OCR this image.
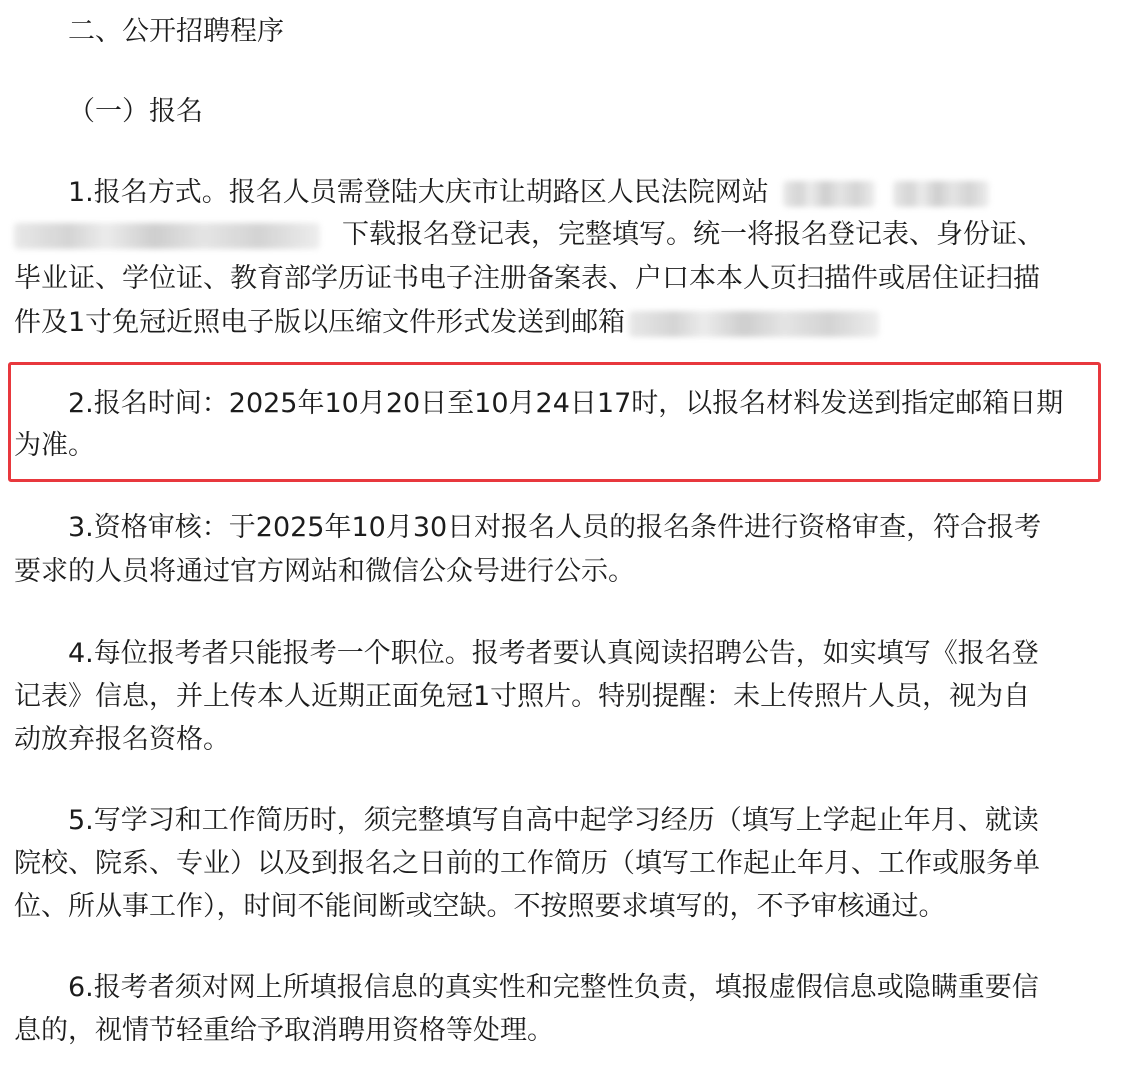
二、公开招聘程序
（一）报名
1.报名方式。报名人员需登陆大庆市让胡路区人民法院网站
下载报名登记表，完整填写。统一将报名登记表、身份证、
毕业证、学位证、教育部学历证书电子注册备案表、户口本本人页扫描件或居住证扫描
件及1寸免冠近照电子版以压缩文件形式发送到邮箱
2.报名时间：2025年10月20日至10月24日17时，以报名材料发送到指定邮箱日期
为准。
3.资格审核：于2025年10月30日对报名人员的报名条件进行资格审查，符合报考
要求的人员将通过官方网站和微信公众号进行公示。
4.每位报考者只能报考一个职位。报考者要认真阅读招聘公告，如实填写《报名登
记表》信息，并上传本人近期正面免冠1寸照片。特别提醒：未上传照片人员，视为自
动放弃报名资格。
5.写学习和工作简历时，须完整填写自高中起学习经历（填写上学起止年月、就读
院校、院系、专业）以及到报名之日前的工作简历（填写工作起止年月、工作或服务单
位、所从事工作），时间不能间断或空缺。不按照要求填写的，不予审核通过。
6.报考者须对网上所填报信息的真实性和完整性负责，填报虚假信息或隐瞒重要信
息的，视情节轻重给予取消聘用资格等处理。
